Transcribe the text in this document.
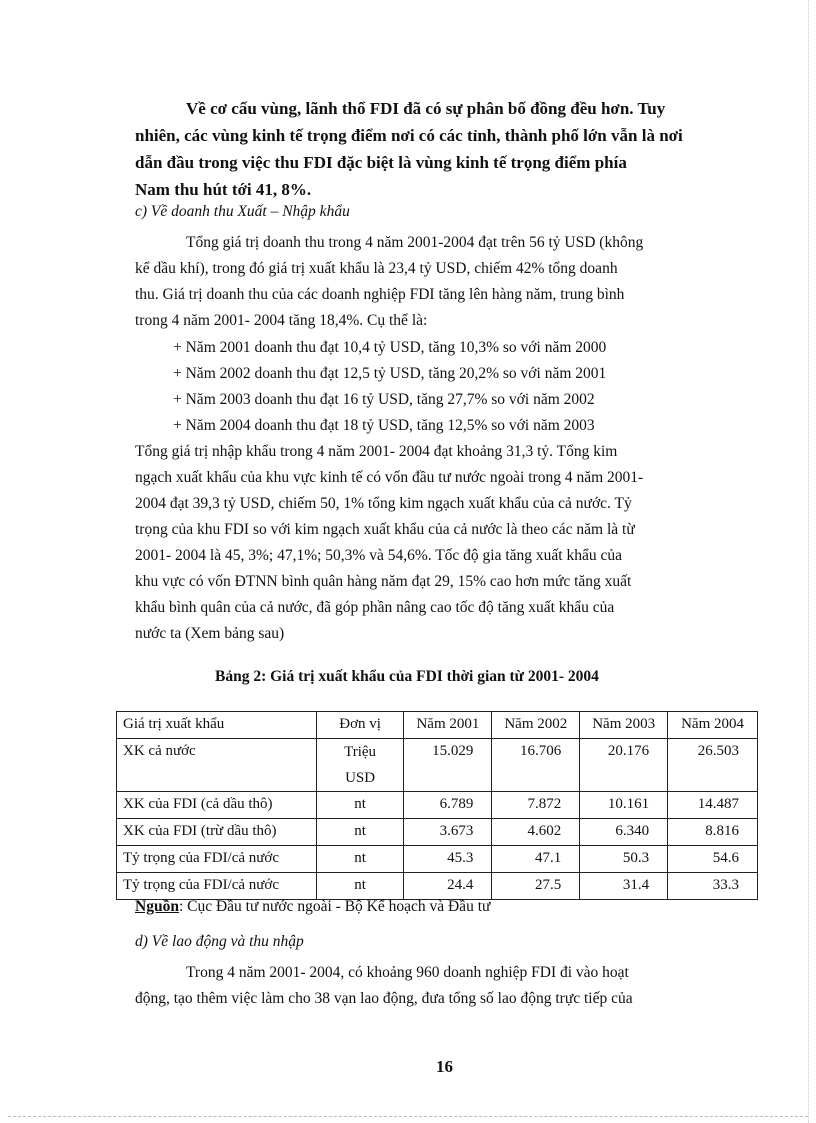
Về cơ cấu vùng, lãnh thổ FDI đã có sự phân bố đồng đều hơn. Tuy
nhiên, các vùng kinh tế trọng điểm nơi có các tỉnh, thành phố lớn vẫn là nơi
dẫn đầu trong việc thu FDI đặc biệt là vùng kinh tế trọng điểm phía
Nam thu hút tới 41, 8%.
c) Về doanh thu Xuất – Nhập khẩu
Tổng giá trị doanh thu trong 4 năm 2001-2004 đạt trên 56 tỷ USD (không
kể dầu khí), trong đó giá trị xuất khẩu là 23,4 tỷ USD, chiếm 42% tổng doanh
thu. Giá trị doanh thu của các doanh nghiệp FDI tăng lên hàng năm, trung bình
trong 4 năm 2001- 2004 tăng 18,4%. Cụ thể là:
+ Năm 2001 doanh thu đạt 10,4 tỷ USD, tăng 10,3% so với năm 2000
+ Năm 2002 doanh thu đạt 12,5 tỷ USD, tăng 20,2% so với năm 2001
+ Năm 2003 doanh thu đạt 16 tỷ USD, tăng 27,7% so với năm 2002
+ Năm 2004 doanh thu đạt 18 tỷ USD, tăng 12,5% so với năm 2003
Tổng giá trị nhập khẩu trong 4 năm 2001- 2004 đạt khoảng 31,3 tỷ. Tổng kim
ngạch xuất khẩu của khu vực kinh tế có vốn đầu tư nước ngoài trong 4 năm 2001-
2004 đạt 39,3 tỷ USD, chiếm 50, 1% tổng kim ngạch xuất khẩu của cả nước. Tỷ
trọng của khu FDI so với kim ngạch xuất khẩu của cả nước là theo các năm là từ
2001- 2004 là 45, 3%; 47,1%; 50,3% và 54,6%. Tốc độ gia tăng xuất khẩu của
khu vực có vốn ĐTNN bình quân hàng năm đạt 29, 15% cao hơn mức tăng xuất
khẩu bình quân của cả nước, đã góp phần nâng cao tốc độ tăng xuất khẩu của
nước ta (Xem bảng sau)
Bảng 2: Giá trị xuất khẩu của FDI thời gian từ 2001- 2004
Giá trị xuất khẩu	Đơn vị	Năm 2001	Năm 2002	Năm 2003	Năm 2004
XK cả nước	Triệu USD	15.029	16.706	20.176	26.503
XK của FDI (cả dầu thô)	nt	6.789	7.872	10.161	14.487
XK của FDI (trừ dầu thô)	nt	3.673	4.602	6.340	8.816
Tỷ trọng của FDI/cả nước	nt	45.3	47.1	50.3	54.6
Tỷ trọng của FDI/cả nước	nt	24.4	27.5	31.4	33.3
Nguồn: Cục Đầu tư nước ngoài - Bộ Kế hoạch và Đầu tư
d) Về lao động và thu nhập
Trong 4 năm 2001- 2004, có khoảng 960 doanh nghiệp FDI đi vào hoạt
động, tạo thêm việc làm cho 38 vạn lao động, đưa tổng số lao động trực tiếp của
16
